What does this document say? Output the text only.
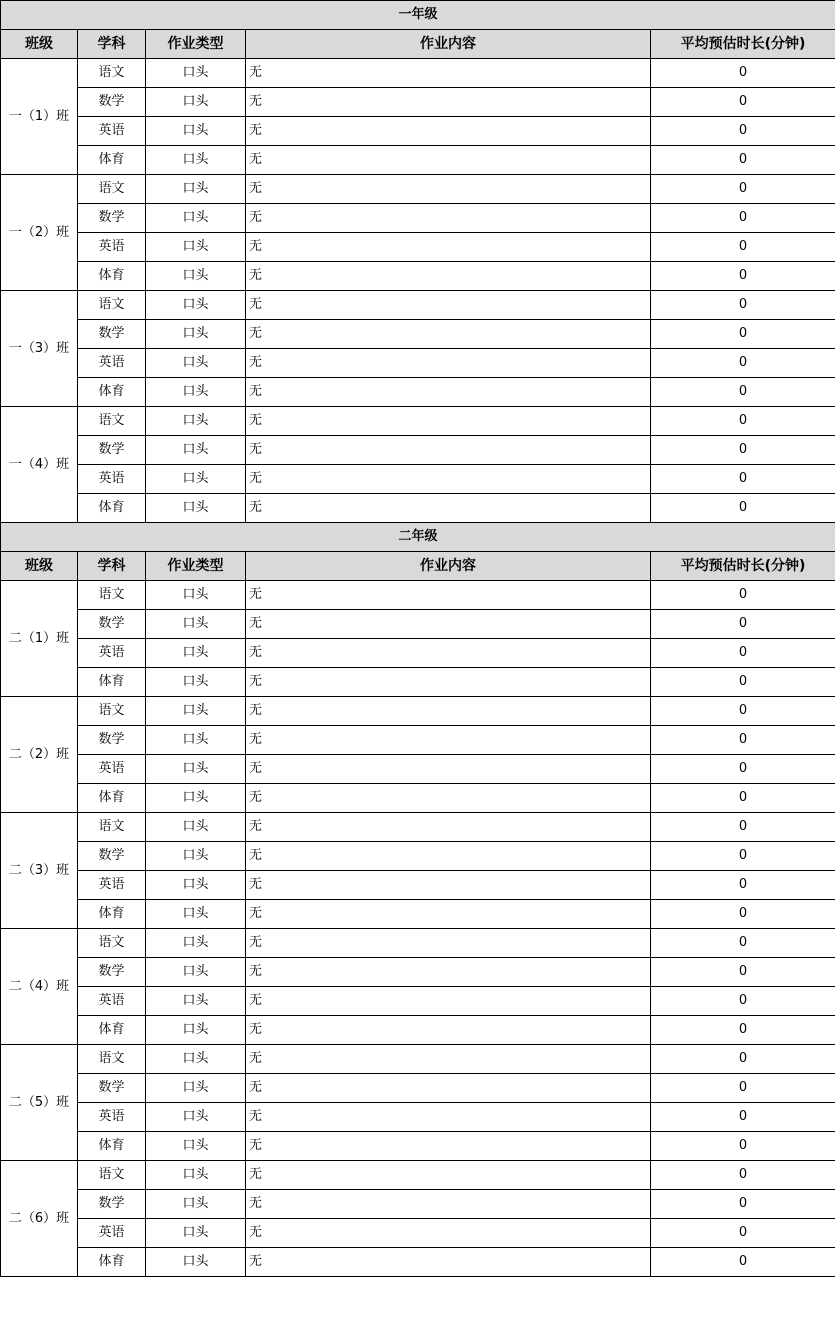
一年级				
班级	学科	作业类型	作业内容	平均预估时长(分钟)
一（1）班	语文	口头	无	0
	数学	口头	无	0
	英语	口头	无	0
	体育	口头	无	0
一（2）班	语文	口头	无	0
	数学	口头	无	0
	英语	口头	无	0
	体育	口头	无	0
一（3）班	语文	口头	无	0
	数学	口头	无	0
	英语	口头	无	0
	体育	口头	无	0
一（4）班	语文	口头	无	0
	数学	口头	无	0
	英语	口头	无	0
	体育	口头	无	0
二年级				
班级	学科	作业类型	作业内容	平均预估时长(分钟)
二（1）班	语文	口头	无	0
	数学	口头	无	0
	英语	口头	无	0
	体育	口头	无	0
二（2）班	语文	口头	无	0
	数学	口头	无	0
	英语	口头	无	0
	体育	口头	无	0
二（3）班	语文	口头	无	0
	数学	口头	无	0
	英语	口头	无	0
	体育	口头	无	0
二（4）班	语文	口头	无	0
	数学	口头	无	0
	英语	口头	无	0
	体育	口头	无	0
二（5）班	语文	口头	无	0
	数学	口头	无	0
	英语	口头	无	0
	体育	口头	无	0
二（6）班	语文	口头	无	0
	数学	口头	无	0
	英语	口头	无	0
	体育	口头	无	0
